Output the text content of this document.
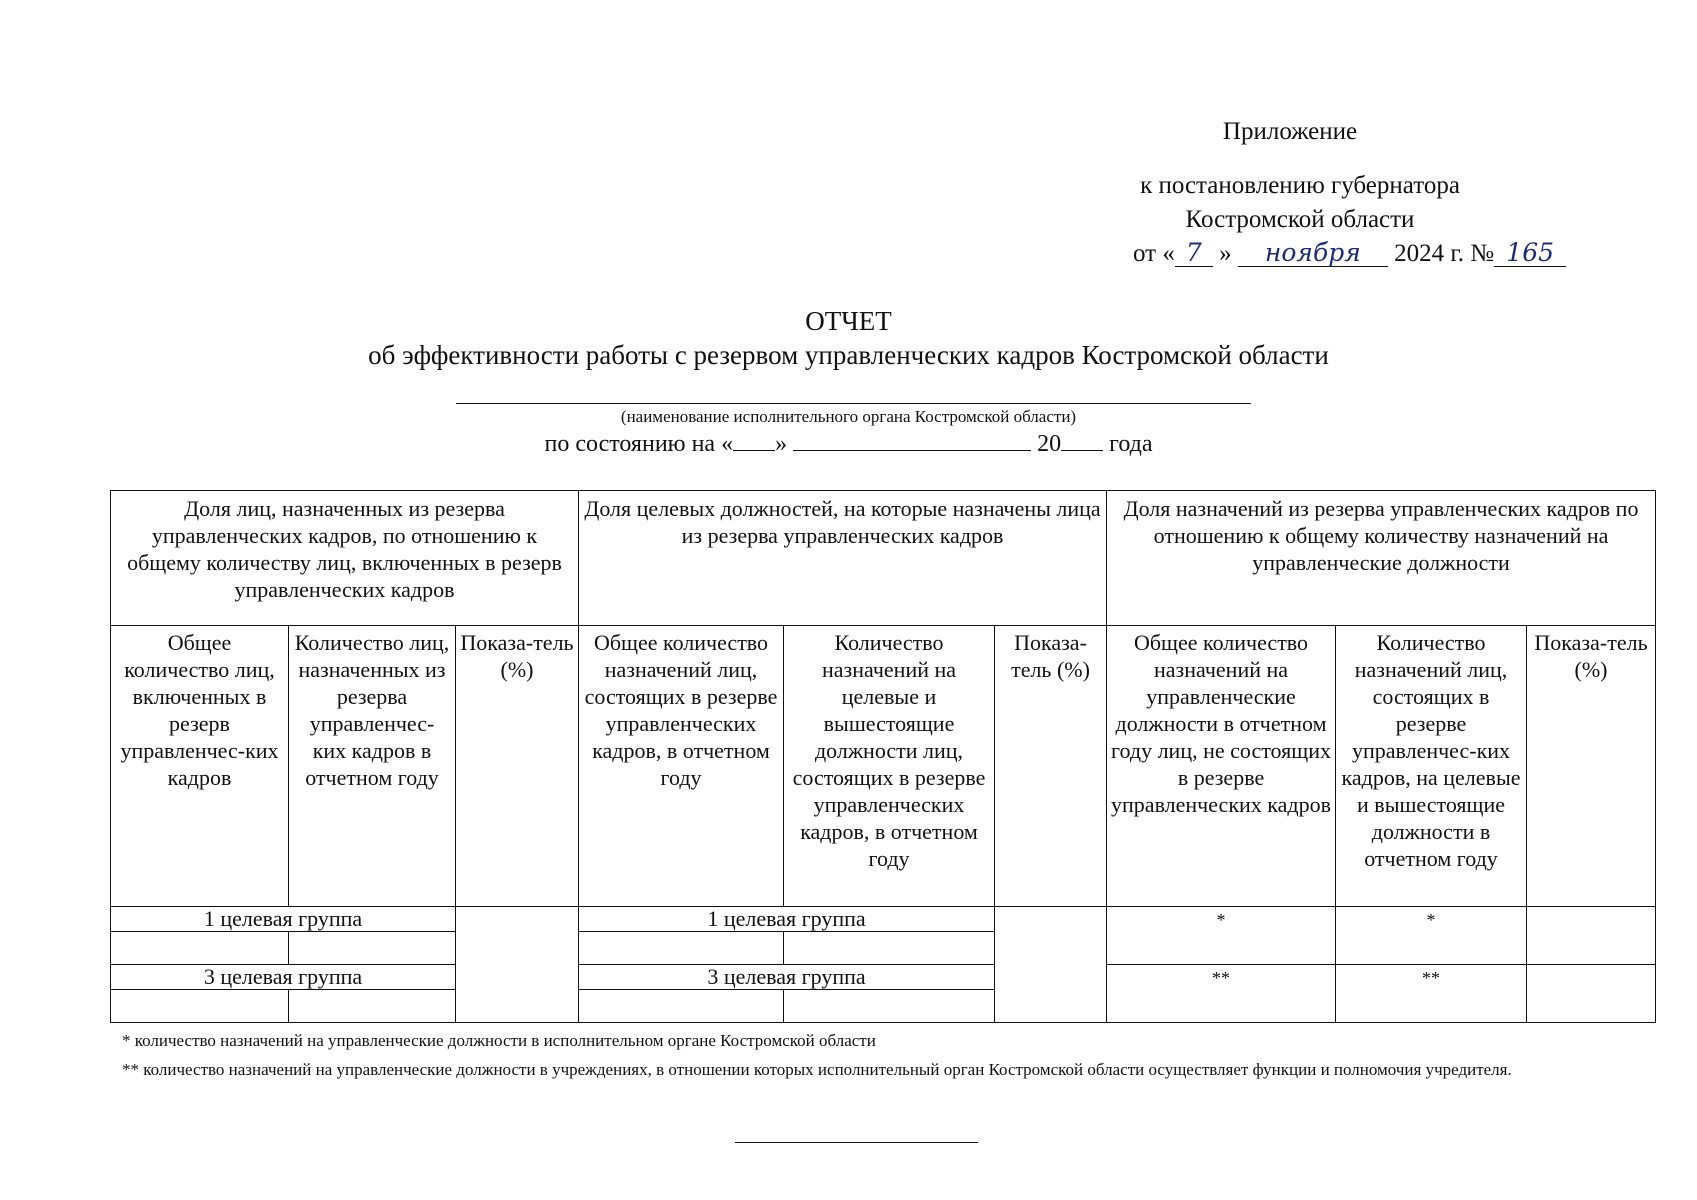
Приложение
к постановлению губернатора
Костромской области
от « 7 » ноября 2024 г. № 165
ОТЧЕТ
об эффективности работы с резервом управленческих кадров Костромской области
(наименование исполнительного органа Костромской области)
по состоянию на « »	20 года
Доля лиц, назначенных из резерва управленческих кадров, по отношению к общему количеству лиц, включенных в резерв управленческих кадров			Доля целевых должностей, на которые назначены лица из резерва управленческих кадров			Доля назначений из резерва управленческих кадров по отношению к общему количеству назначений на управленческие должности		
Общее количество лиц, включенных в резерв управленчес-ких кадров	Количество лиц, назначенных из резерва управленчес-ких кадров в отчетном году	Показа-тель (%)	Общее количество назначений лиц, состоящих в резерве управленческих кадров, в отчетном году	Количество назначений на целевые и вышестоящие должности лиц, состоящих в резерве управленческих кадров, в отчетном году	Показа-тель (%)	Общее количество назначений на управленческие должности в отчетном году лиц, не состоящих в резерве управленческих кадров	Количество назначений лиц, состоящих в резерве управленчес-ких кадров, на целевые и вышестоящие должности в отчетном году	Показа-тель (%)
1 целевая группа			1 целевая группа			*	*	

3 целевая группа			3 целевая группа			**	**	

* количество назначений на управленческие должности в исполнительном органе Костромской области
** количество назначений на управленческие должности в учреждениях, в отношении которых исполнительный орган Костромской области осуществляет функции и полномочия учредителя.
